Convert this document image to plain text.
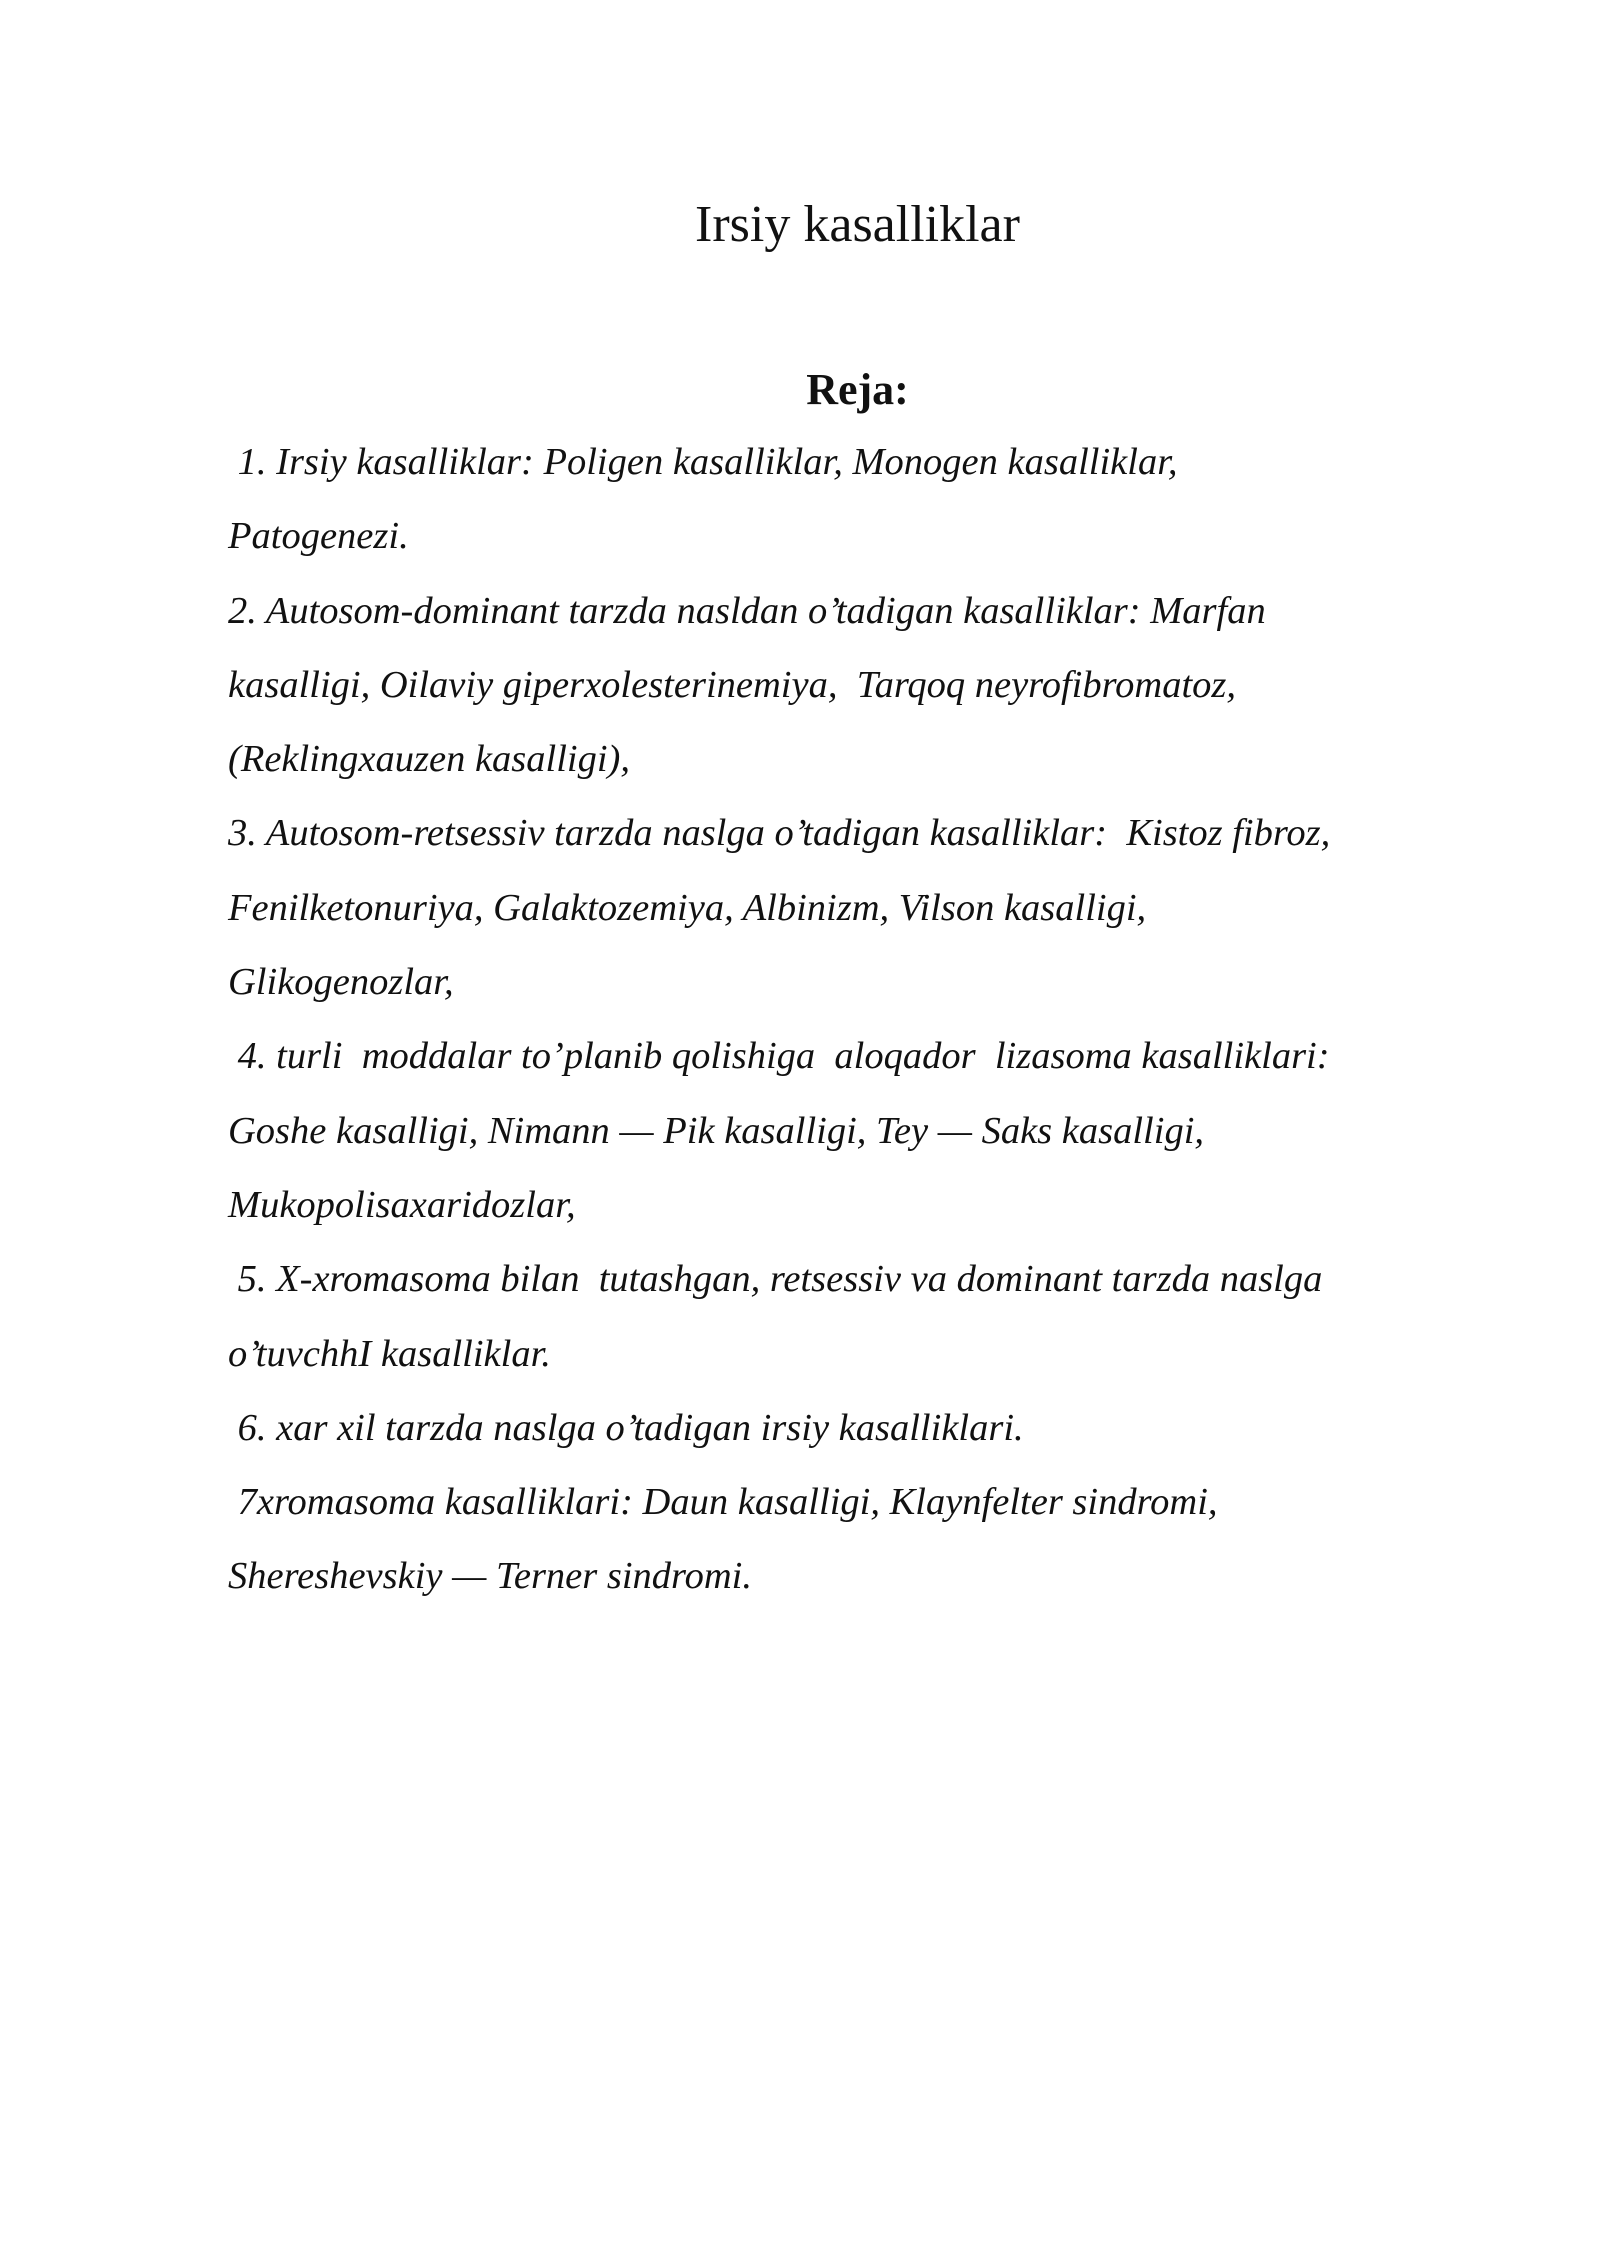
Irsiy kasalliklar
Reja:

1. Irsiy kasalliklar: Poligen kasalliklar, Monogen kasalliklar,

Patogenezi.

2. Autosom-dominant tarzda nasldan o’tadigan kasalliklar: Marfan

kasalligi, Oilaviy giperxolesterinemiya,  Tarqoq neyrofibromatoz,

(Reklingxauzen kasalligi),

3. Autosom-retsessiv tarzda naslga o’tadigan kasalliklar:  Kistoz fibroz,

Fenilketonuriya, Galaktozemiya, Albinizm, Vilson kasalligi,

Glikogenozlar,

4. turli  moddalar to’planib qolishiga  aloqador  lizasoma kasalliklari:

Goshe kasalligi, Nimann — Pik kasalligi, Tey — Saks kasalligi,

Mukopolisaxaridozlar,

5. X-xromasoma bilan  tutashgan, retsessiv va dominant tarzda naslga

o’tuvchhI kasalliklar.

6. xar xil tarzda naslga o’tadigan irsiy kasalliklari.

7xromasoma kasalliklari: Daun kasalligi, Klaynfelter sindromi,

Shereshevskiy — Terner sindromi.
